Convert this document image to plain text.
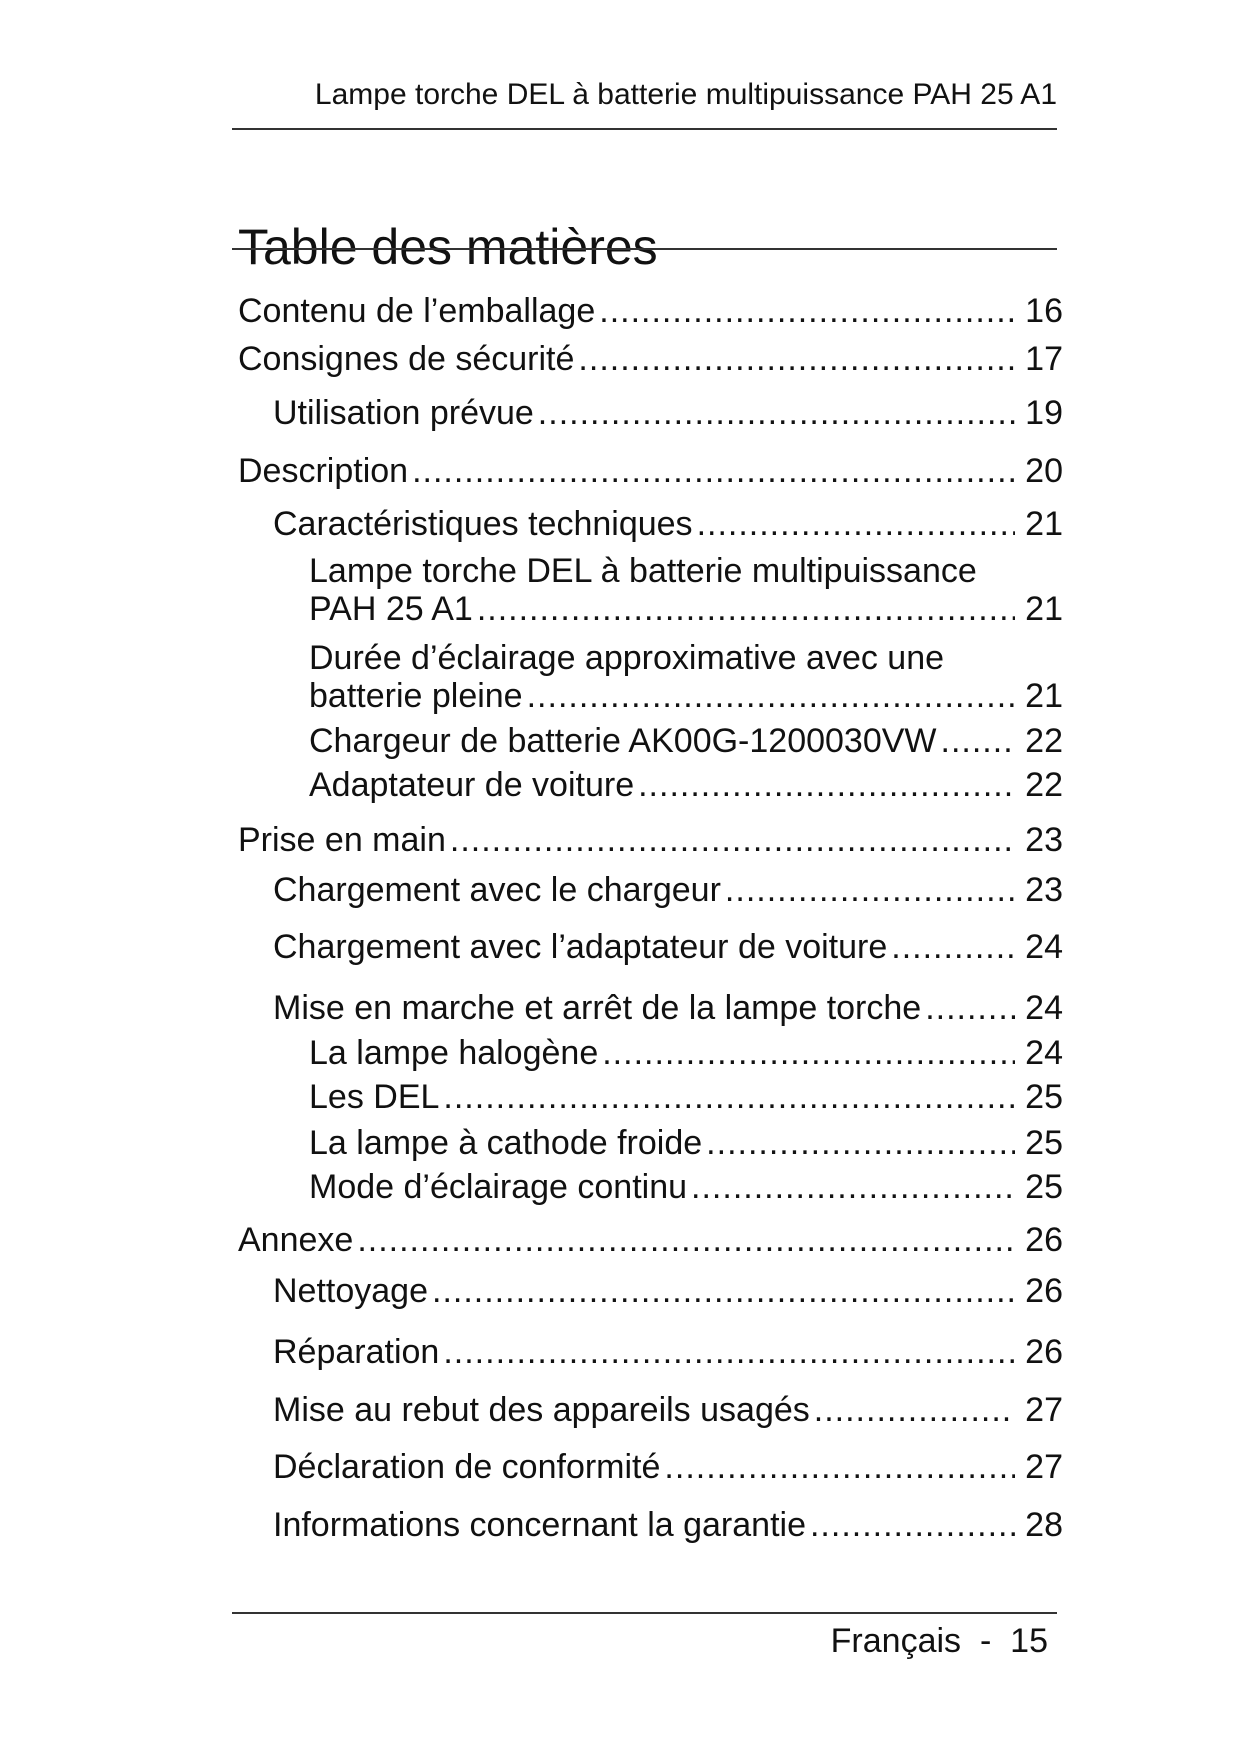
Lampe torche DEL à batterie multipuissance PAH 25 A1
Table des matières
Contenu de l’emballage .....	16
Consignes de sécurité .....	17
Utilisation prévue .....	19
Description .....	20
Caractéristiques techniques .....	21
Lampe torche DEL à batterie multipuissance
PAH 25 A1 .....	21
Durée d’éclairage approximative avec une
batterie pleine .....	21
Chargeur de batterie AK00G-1200030VW .....	22
Adaptateur de voiture .....	22
Prise en main .....	23
Chargement avec le chargeur .....	23
Chargement avec l’adaptateur de voiture .....	24
Mise en marche et arrêt de la lampe torche .....	24
La lampe halogène .....	24
Les DEL .....	25
La lampe à cathode froide .....	25
Mode d’éclairage continu .....	25
Annexe .....	26
Nettoyage .....	26
Réparation .....	26
Mise au rebut des appareils usagés .....	27
Déclaration de conformité .....	27
Informations concernant la garantie .....	28
Français - 15
